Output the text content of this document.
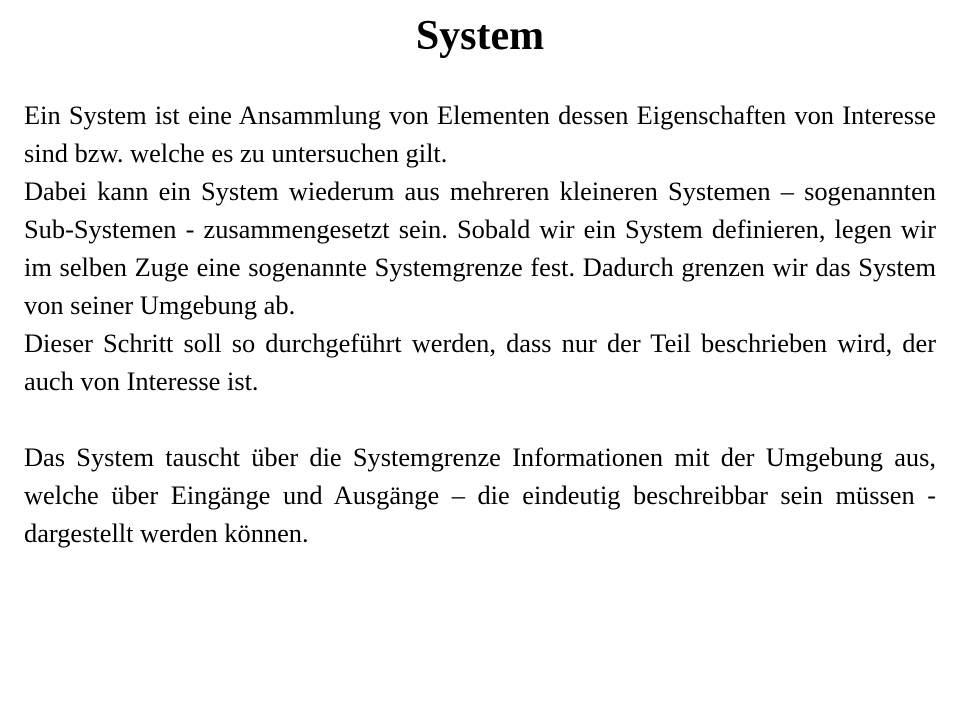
System

Ein System ist eine Ansammlung von Elementen dessen Eigenschaften von Interesse sind bzw. welche es zu untersuchen gilt.

Dabei kann ein System wiederum aus mehreren kleineren Systemen – sogenannten Sub-Systemen - zusammengesetzt sein. Sobald wir ein System definieren, legen wir im selben Zuge eine sogenannte Systemgrenze fest. Dadurch grenzen wir das System von seiner Umgebung ab.

Dieser Schritt soll so durchgeführt werden, dass nur der Teil beschrieben wird, der auch von Interesse ist.

Das System tauscht über die Systemgrenze Informationen mit der Umgebung aus, welche über Eingänge und Ausgänge – die eindeutig beschreibbar sein müssen - dargestellt werden können.
